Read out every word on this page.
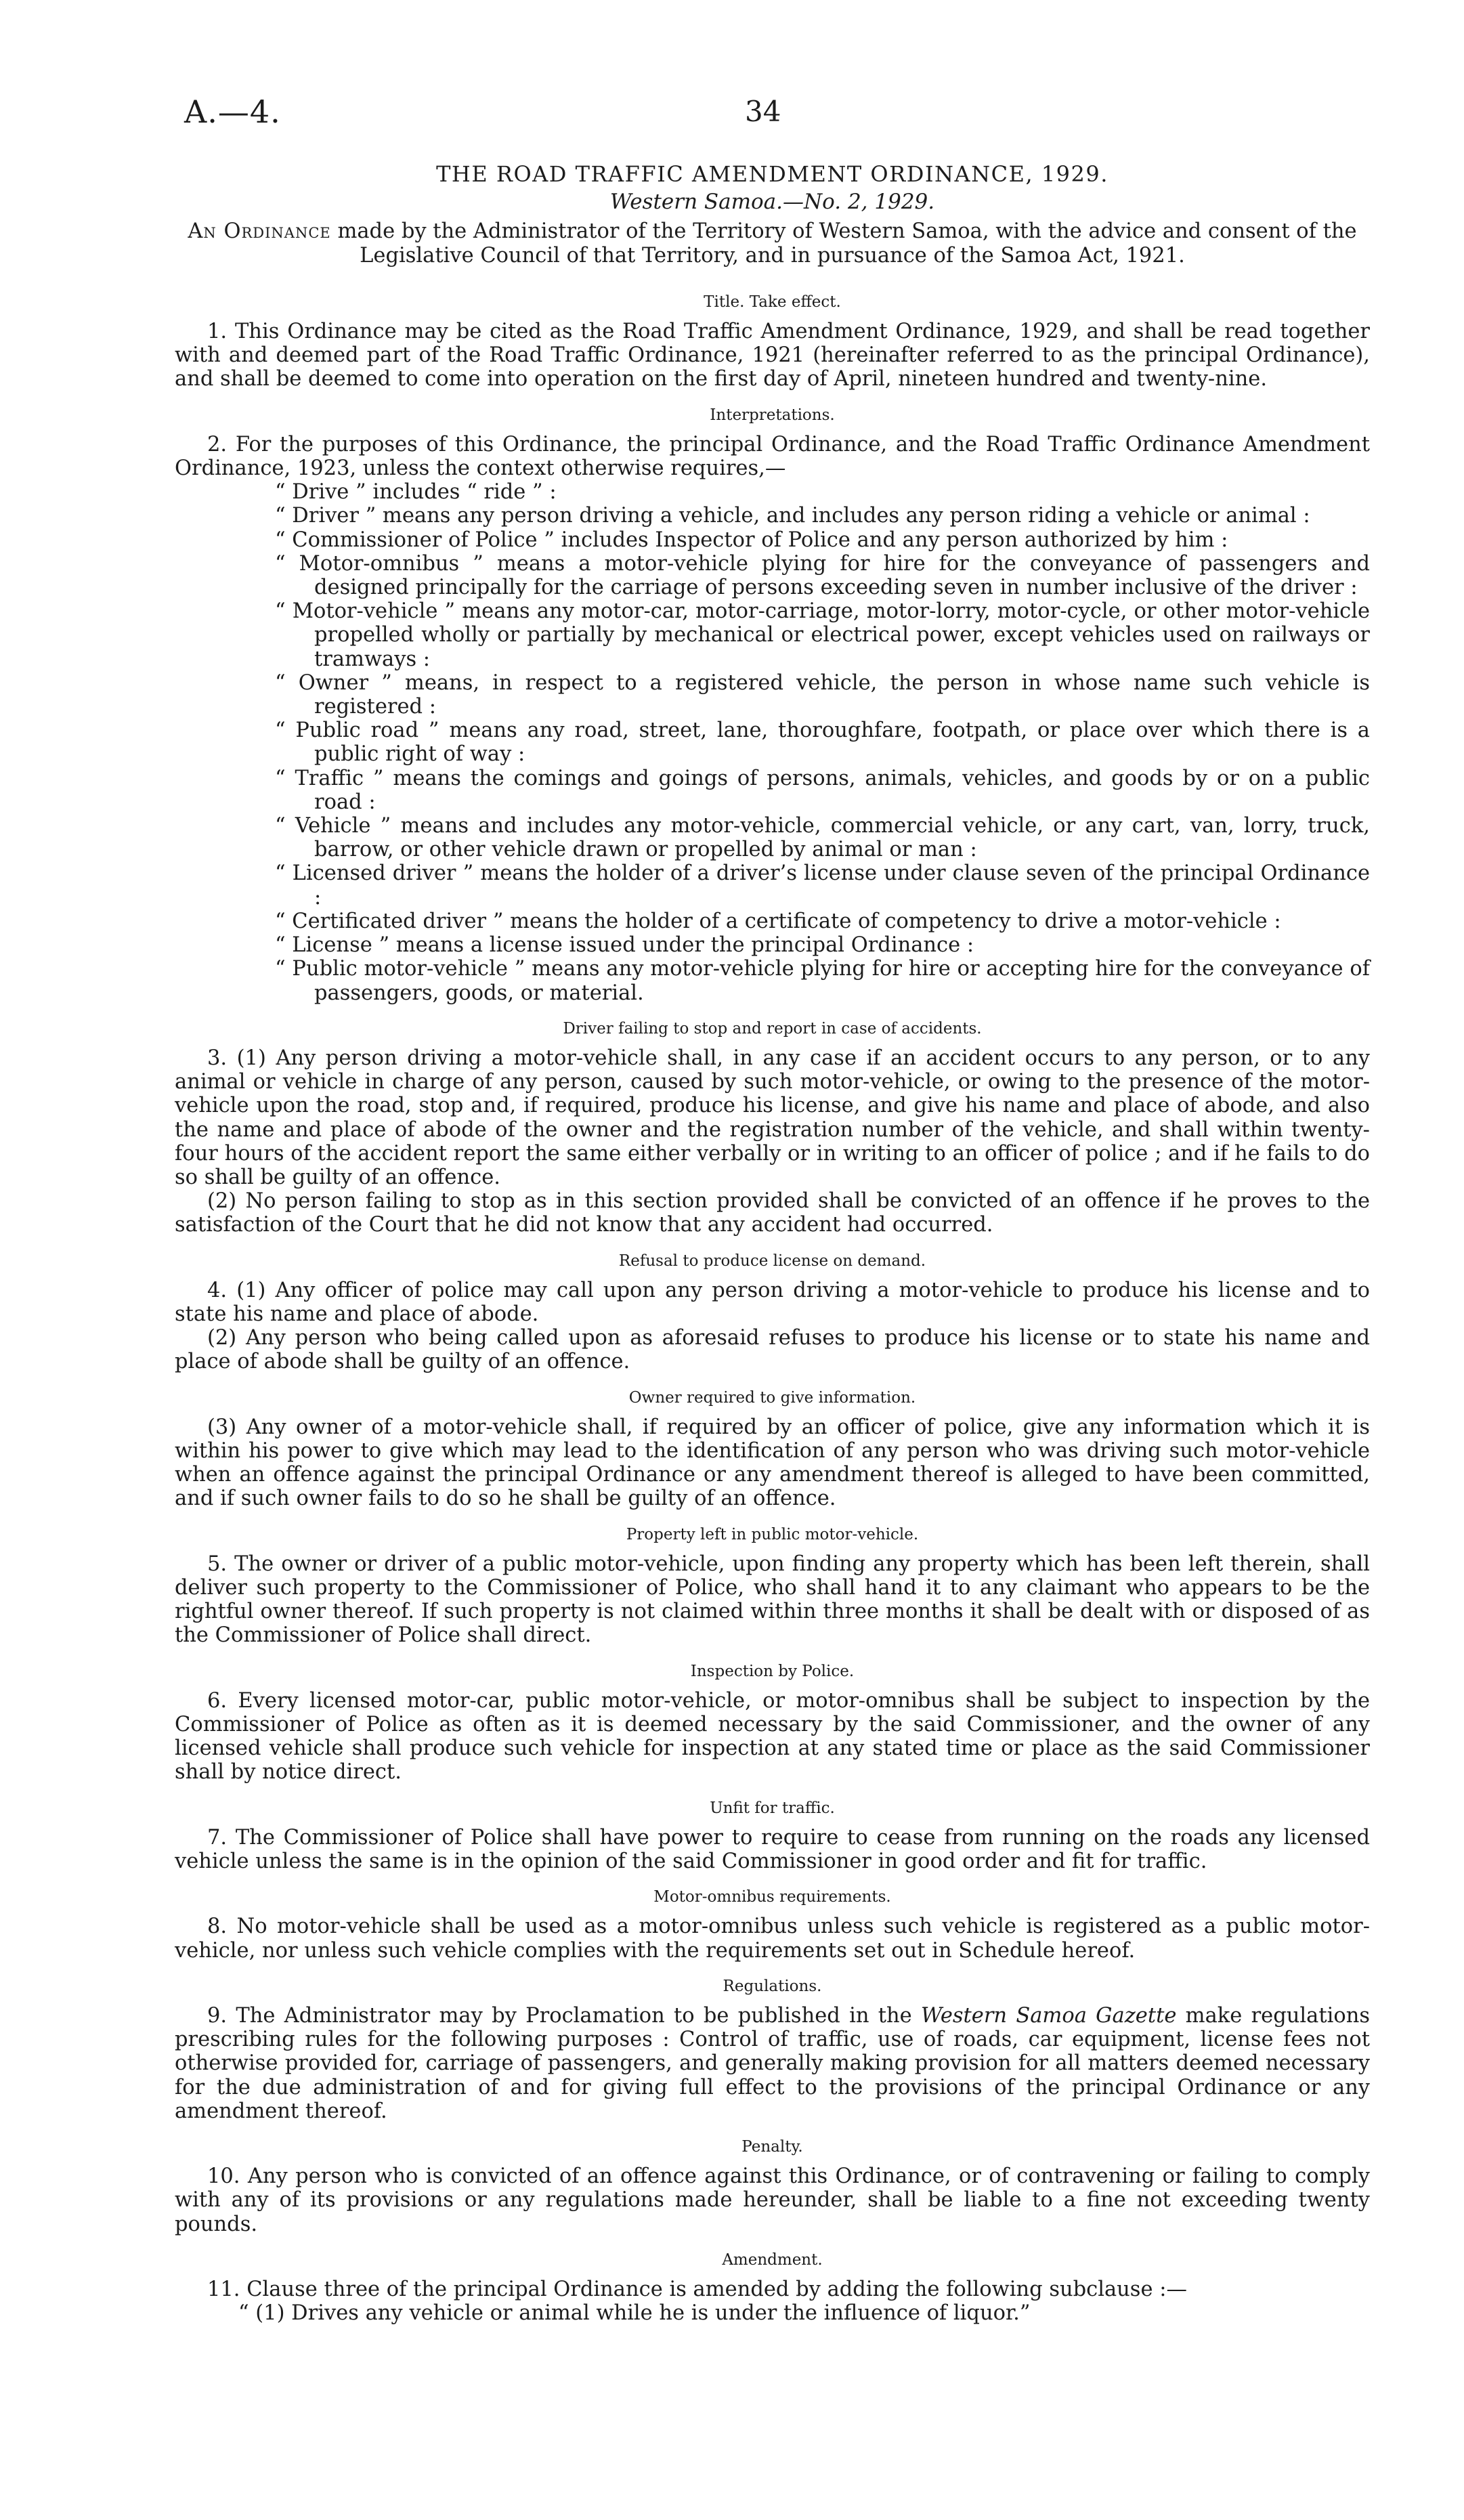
A.—4.	34
THE ROAD TRAFFIC AMENDMENT ORDINANCE, 1929.
Western Samoa.—No. 2, 1929.
An Ordinance made by the Administrator of the Territory of Western Samoa, with the advice and consent of the Legislative Council of that Territory, and in pursuance of the Samoa Act, 1921.
Title. Take effect.

1. This Ordinance may be cited as the Road Traffic Amendment Ordinance, 1929, and shall be read together with and deemed part of the Road Traffic Ordinance, 1921 (hereinafter referred to as the principal Ordinance), and shall be deemed to come into operation on the first day of April, nineteen hundred and twenty-nine.

Interpretations.

2. For the purposes of this Ordinance, the principal Ordinance, and the Road Traffic Ordinance Amendment Ordinance, 1923, unless the context otherwise requires,—

“ Drive ” includes “ ride ” :
“ Driver ” means any person driving a vehicle, and includes any person riding a vehicle or animal :
“ Commissioner of Police ” includes Inspector of Police and any person authorized by him :
“ Motor-omnibus ” means a motor-vehicle plying for hire for the conveyance of passengers and designed principally for the carriage of persons exceeding seven in number inclusive of the driver :
“ Motor-vehicle ” means any motor-car, motor-carriage, motor-lorry, motor-cycle, or other motor-vehicle propelled wholly or partially by mechanical or electrical power, except vehicles used on railways or tramways :
“ Owner ” means, in respect to a registered vehicle, the person in whose name such vehicle is registered :
“ Public road ” means any road, street, lane, thoroughfare, footpath, or place over which there is a public right of way :
“ Traffic ” means the comings and goings of persons, animals, vehicles, and goods by or on a public road :
“ Vehicle ” means and includes any motor-vehicle, commercial vehicle, or any cart, van, lorry, truck, barrow, or other vehicle drawn or propelled by animal or man :
“ Licensed driver ” means the holder of a driver’s license under clause seven of the principal Ordinance :
“ Certificated driver ” means the holder of a certificate of competency to drive a motor-vehicle :
“ License ” means a license issued under the principal Ordinance :
“ Public motor-vehicle ” means any motor-vehicle plying for hire or accepting hire for the conveyance of passengers, goods, or material.
Driver failing to stop and report in case of accidents.

3. (1) Any person driving a motor-vehicle shall, in any case if an accident occurs to any person, or to any animal or vehicle in charge of any person, caused by such motor-vehicle, or owing to the presence of the motor-vehicle upon the road, stop and, if required, produce his license, and give his name and place of abode, and also the name and place of abode of the owner and the registration number of the vehicle, and shall within twenty-four hours of the accident report the same either verbally or in writing to an officer of police ; and if he fails to do so shall be guilty of an offence.

(2) No person failing to stop as in this section provided shall be convicted of an offence if he proves to the satisfaction of the Court that he did not know that any accident had occurred.

Refusal to produce license on demand.

4. (1) Any officer of police may call upon any person driving a motor-vehicle to produce his license and to state his name and place of abode.

(2) Any person who being called upon as aforesaid refuses to produce his license or to state his name and place of abode shall be guilty of an offence.

Owner required to give information.

(3) Any owner of a motor-vehicle shall, if required by an officer of police, give any information which it is within his power to give which may lead to the identification of any person who was driving such motor-vehicle when an offence against the principal Ordinance or any amendment thereof is alleged to have been committed, and if such owner fails to do so he shall be guilty of an offence.

Property left in public motor-vehicle.

5. The owner or driver of a public motor-vehicle, upon finding any property which has been left therein, shall deliver such property to the Commissioner of Police, who shall hand it to any claimant who appears to be the rightful owner thereof. If such property is not claimed within three months it shall be dealt with or disposed of as the Commissioner of Police shall direct.

Inspection by Police.

6. Every licensed motor-car, public motor-vehicle, or motor-omnibus shall be subject to inspection by the Commissioner of Police as often as it is deemed necessary by the said Commissioner, and the owner of any licensed vehicle shall produce such vehicle for inspection at any stated time or place as the said Commissioner shall by notice direct.

Unfit for traffic.

7. The Commissioner of Police shall have power to require to cease from running on the roads any licensed vehicle unless the same is in the opinion of the said Commissioner in good order and fit for traffic.

Motor-omnibus requirements.

8. No motor-vehicle shall be used as a motor-omnibus unless such vehicle is registered as a public motor-vehicle, nor unless such vehicle complies with the requirements set out in Schedule hereof.

Regulations.

9. The Administrator may by Proclamation to be published in the Western Samoa Gazette make regulations prescribing rules for the following purposes : Control of traffic, use of roads, car equipment, license fees not otherwise provided for, carriage of passengers, and generally making provision for all matters deemed necessary for the due administration of and for giving full effect to the provisions of the principal Ordinance or any amendment thereof.

Penalty.

10. Any person who is convicted of an offence against this Ordinance, or of contravening or failing to comply with any of its provisions or any regulations made hereunder, shall be liable to a fine not exceeding twenty pounds.

Amendment.

11. Clause three of the principal Ordinance is amended by adding the following subclause :—

“ (1) Drives any vehicle or animal while he is under the influence of liquor.”
